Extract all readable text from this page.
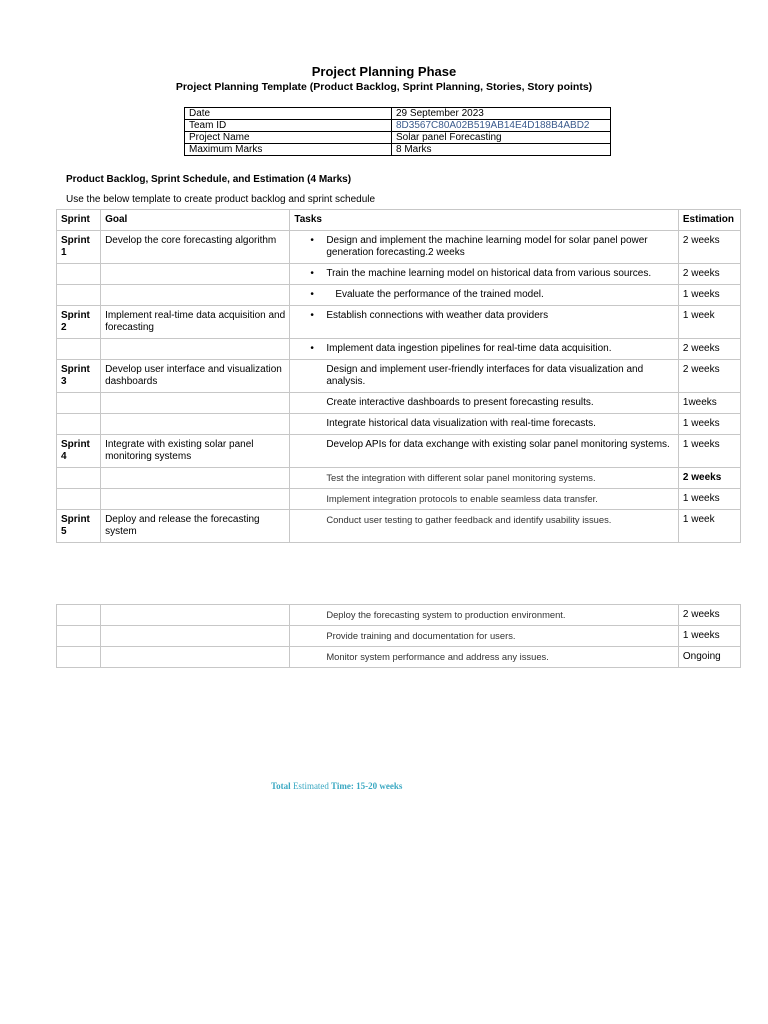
Project Planning Phase
Project Planning Template (Product Backlog, Sprint Planning, Stories, Story points)
Date	29 September 2023
Team ID	8D3567C80A02B519AB14E4D188B4ABD2
Project Name	Solar panel Forecasting
Maximum Marks	8 Marks
Product Backlog, Sprint Schedule, and Estimation (4 Marks)
Use the below template to create product backlog and sprint schedule
Sprint	Goal	Tasks	Estimation
Sprint 1	Develop the core forecasting algorithm	• Design and implement the machine learning model for solar panel power generation forecasting.2 weeks	2 weeks
		• Train the machine learning model on historical data from various sources.	2 weeks
		• Evaluate the performance of the trained model.	1 weeks
Sprint 2	Implement real-time data acquisition and forecasting	• Establish connections with weather data providers	1 week
		• Implement data ingestion pipelines for real-time data acquisition.	2 weeks
Sprint 3	Develop user interface and visualization dashboards	Design and implement user-friendly interfaces for data visualization and analysis.	2 weeks
		Create interactive dashboards to present forecasting results.	1weeks
		Integrate historical data visualization with real-time forecasts.	1 weeks
Sprint 4	Integrate with existing solar panel monitoring systems	Develop APIs for data exchange with existing solar panel monitoring systems.	1 weeks
		Test the integration with different solar panel monitoring systems.	2 weeks
		Implement integration protocols to enable seamless data transfer.	1 weeks
Sprint 5	Deploy and release the forecasting system	Conduct user testing to gather feedback and identify usability issues.	1 week
		Deploy the forecasting system to production environment.	2 weeks
		Provide training and documentation for users.	1 weeks
		Monitor system performance and address any issues.	Ongoing
Total Estimated Time: 15-20 weeks
